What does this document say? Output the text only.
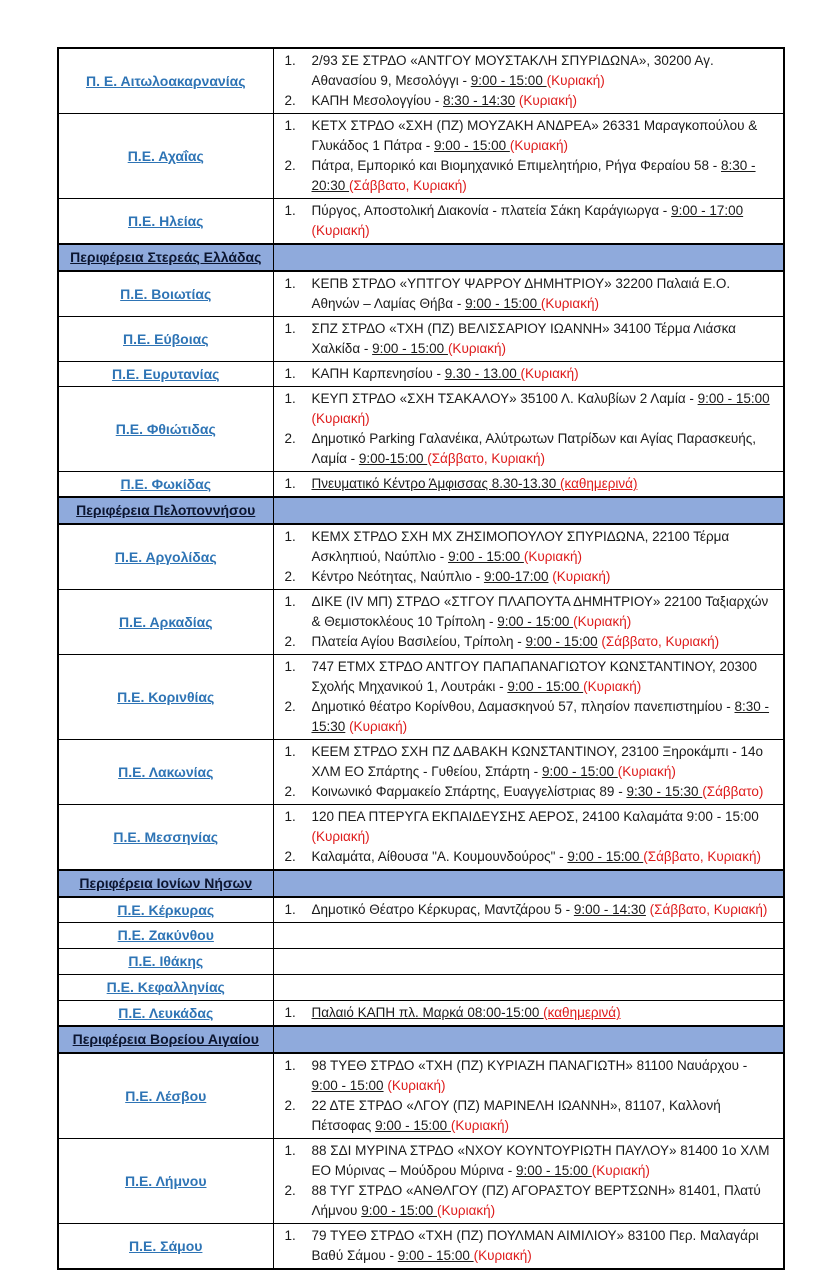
Π. Ε. Αιτωλοακαρνανίας	
1. 2/93 ΣΕ ΣΤΡΔΟ «ΑΝΤΓΟΥ ΜΟΥΣΤΑΚΛΗ ΣΠΥΡΙΔΩΝΑ», 30200 Αγ. Αθανασίου 9, Μεσολόγγι - 9:00 - 15:00 (Κυριακή)
2. ΚΑΠΗ Μεσολογγίου - 8:30 - 14:30 (Κυριακή)

Π.Ε. Αχαΐας	
1. ΚΕΤΧ ΣΤΡΔΟ «ΣΧΗ (ΠΖ) ΜΟΥΖΑΚΗ ΑΝΔΡΕΑ» 26331 Μαραγκοπούλου & Γλυκάδος 1 Πάτρα - 9:00 - 15:00 (Κυριακή)
2. Πάτρα, Εμπορικό και Βιομηχανικό Επιμελητήριο, Ρήγα Φεραίου 58 - 8:30 - 20:30 (Σάββατο, Κυριακή)

Π.Ε. Ηλείας	
1. Πύργος, Αποστολική Διακονία - πλατεία Σάκη Καράγιωργα - 9:00 - 17:00 (Κυριακή)

Περιφέρεια Στερεάς Ελλάδας	
Π.Ε. Βοιωτίας	
1. ΚΕΠΒ ΣΤΡΔΟ «ΥΠΤΓΟΥ ΨΑΡΡΟΥ ΔΗΜΗΤΡΙΟΥ» 32200 Παλαιά Ε.Ο. Αθηνών – Λαμίας Θήβα - 9:00 - 15:00 (Κυριακή)

Π.Ε. Εύβοιας	
1. ΣΠΖ ΣΤΡΔΟ «ΤΧΗ (ΠΖ) ΒΕΛΙΣΣΑΡΙΟΥ ΙΩΑΝΝΗ» 34100 Τέρμα Λιάσκα Χαλκίδα - 9:00 - 15:00 (Κυριακή)

Π.Ε. Ευρυτανίας	1. ΚΑΠΗ Καρπενησίου - 9.30 - 13.00 (Κυριακή)

Π.Ε. Φθιώτιδας	
1. ΚΕΥΠ ΣΤΡΔΟ «ΣΧΗ ΤΣΑΚΑΛΟΥ» 35100 Λ. Καλυβίων 2 Λαμία - 9:00 - 15:00 (Κυριακή)
2. Δημοτικό Parking Γαλανέικα, Αλύτρωτων Πατρίδων και Αγίας Παρασκευής, Λαμία - 9:00-15:00 (Σάββατο, Κυριακή)

Π.Ε. Φωκίδας	1. Πνευματικό Κέντρο Άμφισσας 8.30-13.30 (καθημερινά)

Περιφέρεια Πελοποννήσου	
Π.Ε. Αργολίδας	
1. ΚΕΜΧ ΣΤΡΔΟ ΣΧΗ ΜΧ ΖΗΣΙΜΟΠΟΥΛΟΥ ΣΠΥΡΙΔΩΝΑ, 22100 Τέρμα Ασκληπιού, Ναύπλιο - 9:00 - 15:00 (Κυριακή)
2. Κέντρο Νεότητας, Ναύπλιο - 9:00-17:00 (Κυριακή)

Π.Ε. Αρκαδίας	
1. ΔΙΚΕ (IV ΜΠ) ΣΤΡΔΟ «ΣΤΓΟΥ ΠΛΑΠΟΥΤΑ ΔΗΜΗΤΡΙΟΥ» 22100 Ταξιαρχών & Θεμιστοκλέους 10 Τρίπολη - 9:00 - 15:00 (Κυριακή)
2. Πλατεία Αγίου Βασιλείου, Τρίπολη - 9:00 - 15:00 (Σάββατο, Κυριακή)

Π.Ε. Κορινθίας	
1. 747 ΕΤΜΧ ΣΤΡΔΟ ΑΝΤΓΟΥ ΠΑΠΑΠΑΝΑΓΙΩΤΟΥ ΚΩΝΣΤΑΝΤΙΝΟΥ, 20300 Σχολής Μηχανικού 1, Λουτράκι - 9:00 - 15:00 (Κυριακή)
2. Δημοτικό θέατρο Κορίνθου, Δαμασκηνού 57, πλησίον πανεπιστημίου - 8:30 - 15:30 (Κυριακή)

Π.Ε. Λακωνίας	
1. ΚΕΕΜ ΣΤΡΔΟ ΣΧΗ ΠΖ ΔΑΒΑΚΗ ΚΩΝΣΤΑΝΤΙΝΟΥ, 23100 Ξηροκάμπι - 14ο ΧΛΜ ΕΟ Σπάρτης - Γυθείου, Σπάρτη - 9:00 - 15:00 (Κυριακή)
2. Κοινωνικό Φαρμακείο Σπάρτης, Ευαγγελίστριας 89 - 9:30 - 15:30 (Σάββατο)

Π.Ε. Μεσσηνίας	
1. 120 ΠΕΑ ΠΤΕΡΥΓΑ ΕΚΠΑΙΔΕΥΣΗΣ ΑΕΡΟΣ, 24100 Καλαμάτα 9:00 - 15:00 (Κυριακή)
2. Καλαμάτα, Αίθουσα "Α. Κουμουνδούρος" - 9:00 - 15:00 (Σάββατο, Κυριακή)

Περιφέρεια Ιονίων Νήσων	
Π.Ε. Κέρκυρας	1. Δημοτικό Θέατρο Κέρκυρας, Μαντζάρου 5 - 9:00 - 14:30 (Σάββατο, Κυριακή)

Π.Ε. Ζακύνθου	
Π.Ε. Ιθάκης	
Π.Ε. Κεφαλληνίας	
Π.Ε. Λευκάδας	1. Παλαιό ΚΑΠΗ πλ. Μαρκά 08:00-15:00 (καθημερινά)

Περιφέρεια Βορείου Αιγαίου	
Π.Ε. Λέσβου	
1. 98 ΤΥΕΘ ΣΤΡΔΟ «ΤΧΗ (ΠΖ) ΚΥΡΙΑΖΗ ΠΑΝΑΓΙΩΤΗ» 81100 Ναυάρχου - 9:00 - 15:00 (Κυριακή)
2. 22 ΔΤΕ ΣΤΡΔΟ «ΛΓΟΥ (ΠΖ) ΜΑΡΙΝΕΛΗ ΙΩΑΝΝΗ», 81107, Καλλονή Πέτσοφας 9:00 - 15:00 (Κυριακή)

Π.Ε. Λήμνου	
1. 88 ΣΔΙ ΜΥΡΙΝΑ ΣΤΡΔΟ «ΝΧΟΥ ΚΟΥΝΤΟΥΡΙΩΤΗ ΠΑΥΛΟΥ» 81400 1ο ΧΛΜ ΕΟ Μύρινας – Μούδρου Μύρινα - 9:00 - 15:00 (Κυριακή)
2. 88 ΤΥΓ ΣΤΡΔΟ «ΑΝΘΛΓΟΥ (ΠΖ) ΑΓΟΡΑΣΤΟΥ ΒΕΡΤΣΩΝΗ» 81401, Πλατύ Λήμνου 9:00 - 15:00 (Κυριακή)

Π.Ε. Σάμου	
1. 79 ΤΥΕΘ ΣΤΡΔΟ «ΤΧΗ (ΠΖ) ΠΟΥΛΜΑΝ ΑΙΜΙΛΙΟΥ» 83100 Περ. Μαλαγάρι Βαθύ Σάμου - 9:00 - 15:00 (Κυριακή)
